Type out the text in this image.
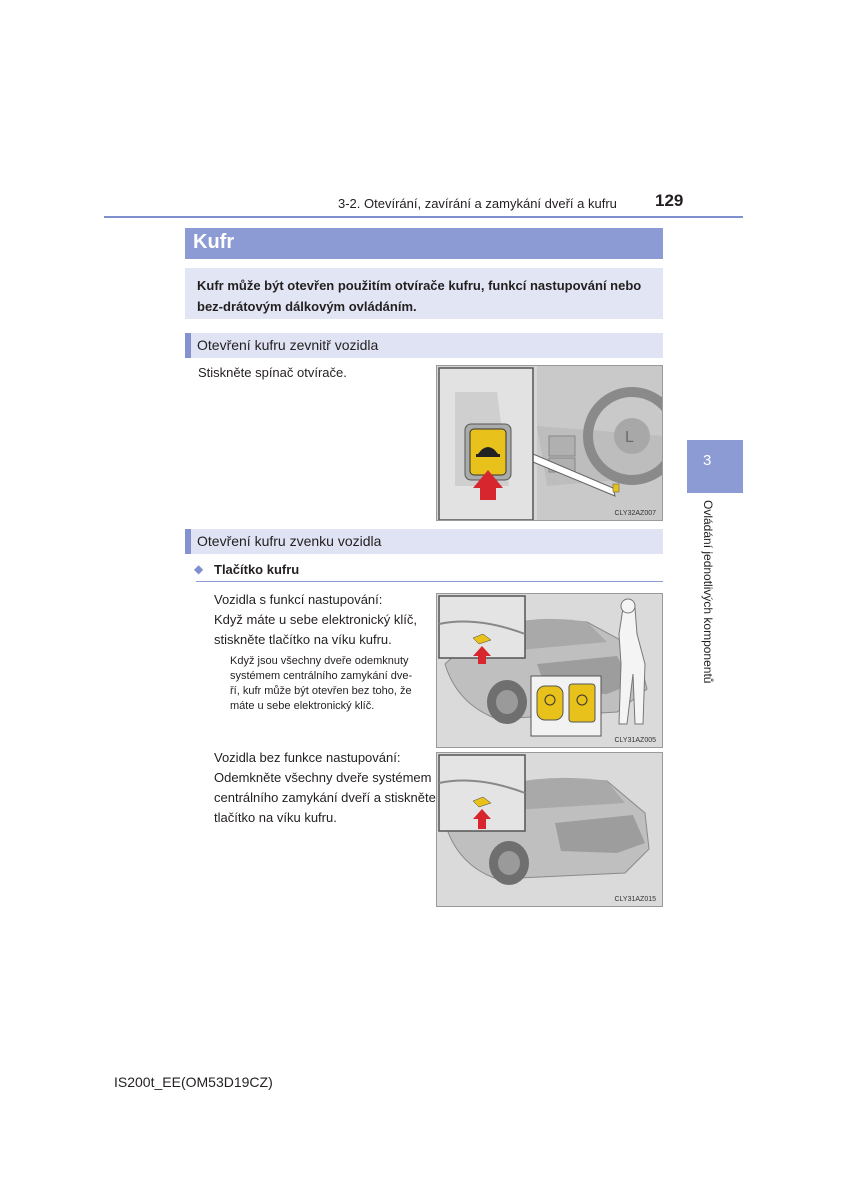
3-2. Otevírání, zavírání a zamykání dveří a kufru 129
Kufr
Kufr může být otevřen použitím otvírače kufru, funkcí nastupování nebo bez-drátovým dálkovým ovládáním.
Otevření kufru zevnitř vozidla
Stiskněte spínač otvírače.
L
CLY32AZ007
Otevření kufru zvenku vozidla
◆ Tlačítko kufru
Vozidla s funkcí nastupování:
Když máte u sebe elektronický klíč,
stiskněte tlačítko na víku kufru.
Když jsou všechny dveře odemknuty
systémem centrálního zamykání dve-
ří, kufr může být otevřen bez toho, že
máte u sebe elektronický klíč.
CLY31AZ005
Vozidla bez funkce nastupování:
Odemkněte všechny dveře systémem
centrálního zamykání dveří a stiskněte
tlačítko na víku kufru.
CLY31AZ015
3
Ovládání jednotlivých komponentů
IS200t_EE(OM53D19CZ)
